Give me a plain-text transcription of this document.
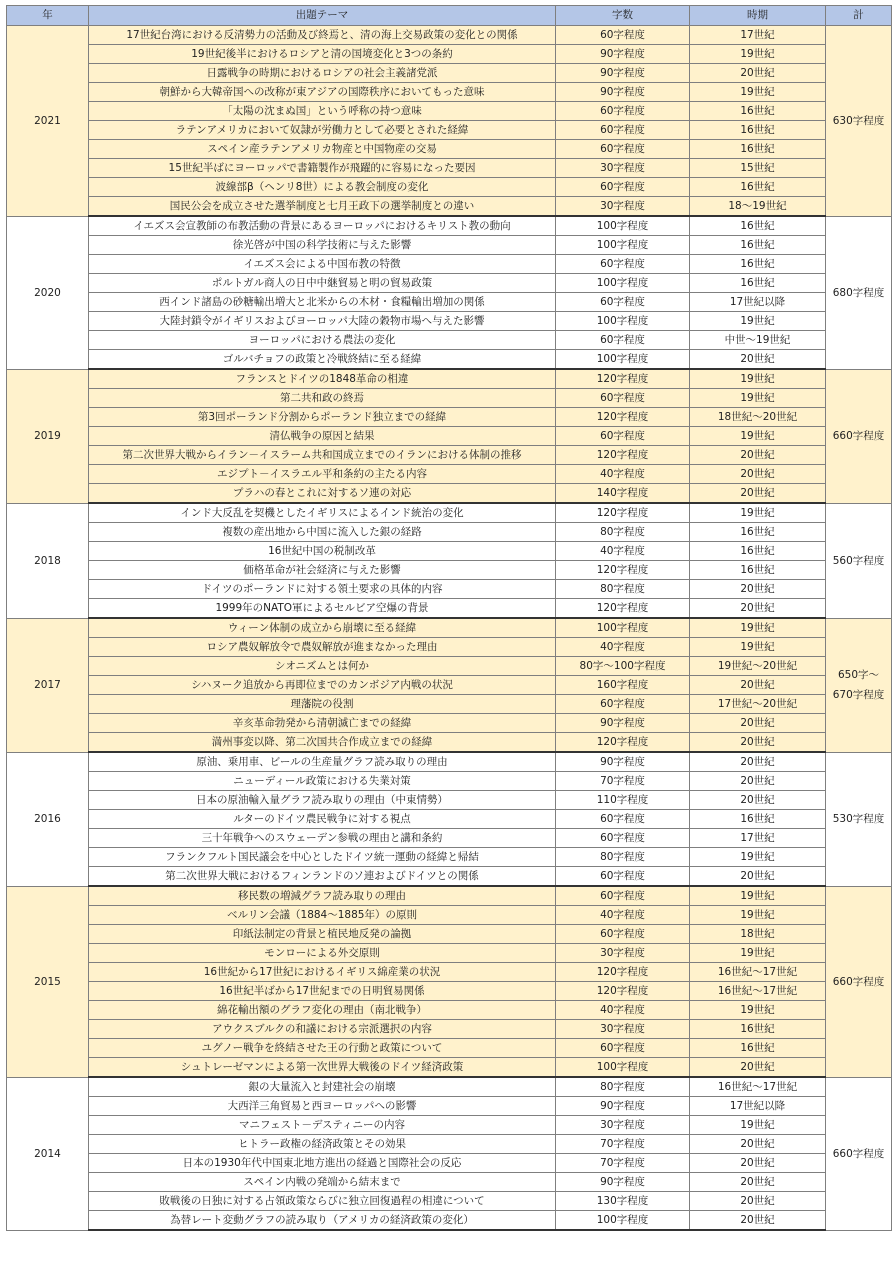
年	出題テーマ	字数	時期	計
2021	17世紀台湾における反清勢力の活動及び終焉と、清の海上交易政策の変化との関係	60字程度	17世紀	630字程度
	19世紀後半におけるロシアと清の国境変化と3つの条約	90字程度	19世紀	
	日露戦争の時期におけるロシアの社会主義諸党派	90字程度	20世紀	
	朝鮮から大韓帝国への改称が東アジアの国際秩序においてもった意味	90字程度	19世紀	
	「太陽の沈まぬ国」という呼称の持つ意味	60字程度	16世紀	
	ラテンアメリカにおいて奴隷が労働力として必要とされた経緯	60字程度	16世紀	
	スペイン産ラテンアメリカ物産と中国物産の交易	60字程度	16世紀	
	15世紀半ばにヨーロッパで書籍製作が飛躍的に容易になった要因	30字程度	15世紀	
	波線部β（ヘンリ8世）による教会制度の変化	60字程度	16世紀	
	国民公会を成立させた選挙制度と七月王政下の選挙制度との違い	30字程度	18～19世紀	
2020	イエズス会宣教師の布教活動の背景にあるヨーロッパにおけるキリスト教の動向	100字程度	16世紀	680字程度
	徐光啓が中国の科学技術に与えた影響	100字程度	16世紀	
	イエズス会による中国布教の特徴	60字程度	16世紀	
	ポルトガル商人の日中中継貿易と明の貿易政策	100字程度	16世紀	
	西インド諸島の砂糖輸出増大と北米からの木材・食糧輸出増加の関係	60字程度	17世紀以降	
	大陸封鎖令がイギリスおよびヨーロッパ大陸の穀物市場へ与えた影響	100字程度	19世紀	
	ヨーロッパにおける農法の変化	60字程度	中世～19世紀	
	ゴルバチョフの政策と冷戦終結に至る経緯	100字程度	20世紀	
2019	フランスとドイツの1848革命の相違	120字程度	19世紀	660字程度
	第二共和政の終焉	60字程度	19世紀	
	第3回ポーランド分割からポーランド独立までの経緯	120字程度	18世紀～20世紀	
	清仏戦争の原因と結果	60字程度	19世紀	
	第二次世界大戦からイラン－イスラーム共和国成立までのイランにおける体制の推移	120字程度	20世紀	
	エジプト－イスラエル平和条約の主たる内容	40字程度	20世紀	
	プラハの春とこれに対するソ連の対応	140字程度	20世紀	
2018	インド大反乱を契機としたイギリスによるインド統治の変化	120字程度	19世紀	560字程度
	複数の産出地から中国に流入した銀の経路	80字程度	16世紀	
	16世紀中国の税制改革	40字程度	16世紀	
	価格革命が社会経済に与えた影響	120字程度	16世紀	
	ドイツのポーランドに対する領土要求の具体的内容	80字程度	20世紀	
	1999年のNATO軍によるセルビア空爆の背景	120字程度	20世紀	
2017	ウィーン体制の成立から崩壊に至る経緯	100字程度	19世紀	650字～670字程度
	ロシア農奴解放令で農奴解放が進まなかった理由	40字程度	19世紀	
	シオニズムとは何か	80字～100字程度	19世紀～20世紀	
	シハヌーク追放から再即位までのカンボジア内戦の状況	160字程度	20世紀	
	理藩院の役割	60字程度	17世紀～20世紀	
	辛亥革命勃発から清朝滅亡までの経緯	90字程度	20世紀	
	満州事変以降、第二次国共合作成立までの経緯	120字程度	20世紀	
2016	原油、乗用車、ビールの生産量グラフ読み取りの理由	90字程度	20世紀	530字程度
	ニューディール政策における失業対策	70字程度	20世紀	
	日本の原油輸入量グラフ読み取りの理由（中東情勢）	110字程度	20世紀	
	ルターのドイツ農民戦争に対する視点	60字程度	16世紀	
	三十年戦争へのスウェーデン参戦の理由と講和条約	60字程度	17世紀	
	フランクフルト国民議会を中心としたドイツ統一運動の経緯と帰結	80字程度	19世紀	
	第二次世界大戦におけるフィンランドのソ連およびドイツとの関係	60字程度	20世紀	
2015	移民数の増減グラフ読み取りの理由	60字程度	19世紀	660字程度
	ベルリン会議（1884～1885年）の原則	40字程度	19世紀	
	印紙法制定の背景と植民地反発の論拠	60字程度	18世紀	
	モンローによる外交原則	30字程度	19世紀	
	16世紀から17世紀におけるイギリス綿産業の状況	120字程度	16世紀～17世紀	
	16世紀半ばから17世紀までの日明貿易関係	120字程度	16世紀～17世紀	
	綿花輸出額のグラフ変化の理由（南北戦争）	40字程度	19世紀	
	アウクスブルクの和議における宗派選択の内容	30字程度	16世紀	
	ユグノー戦争を終結させた王の行動と政策について	60字程度	16世紀	
	シュトレーゼマンによる第一次世界大戦後のドイツ経済政策	100字程度	20世紀	
2014	銀の大量流入と封建社会の崩壊	80字程度	16世紀～17世紀	660字程度
	大西洋三角貿易と西ヨーロッパへの影響	90字程度	17世紀以降	
	マニフェスト－デスティニーの内容	30字程度	19世紀	
	ヒトラー政権の経済政策とその効果	70字程度	20世紀	
	日本の1930年代中国東北地方進出の経過と国際社会の反応	70字程度	20世紀	
	スペイン内戦の発端から結末まで	90字程度	20世紀	
	敗戦後の日独に対する占領政策ならびに独立回復過程の相違について	130字程度	20世紀	
	為替レート変動グラフの読み取り（アメリカの経済政策の変化）	100字程度	20世紀	
